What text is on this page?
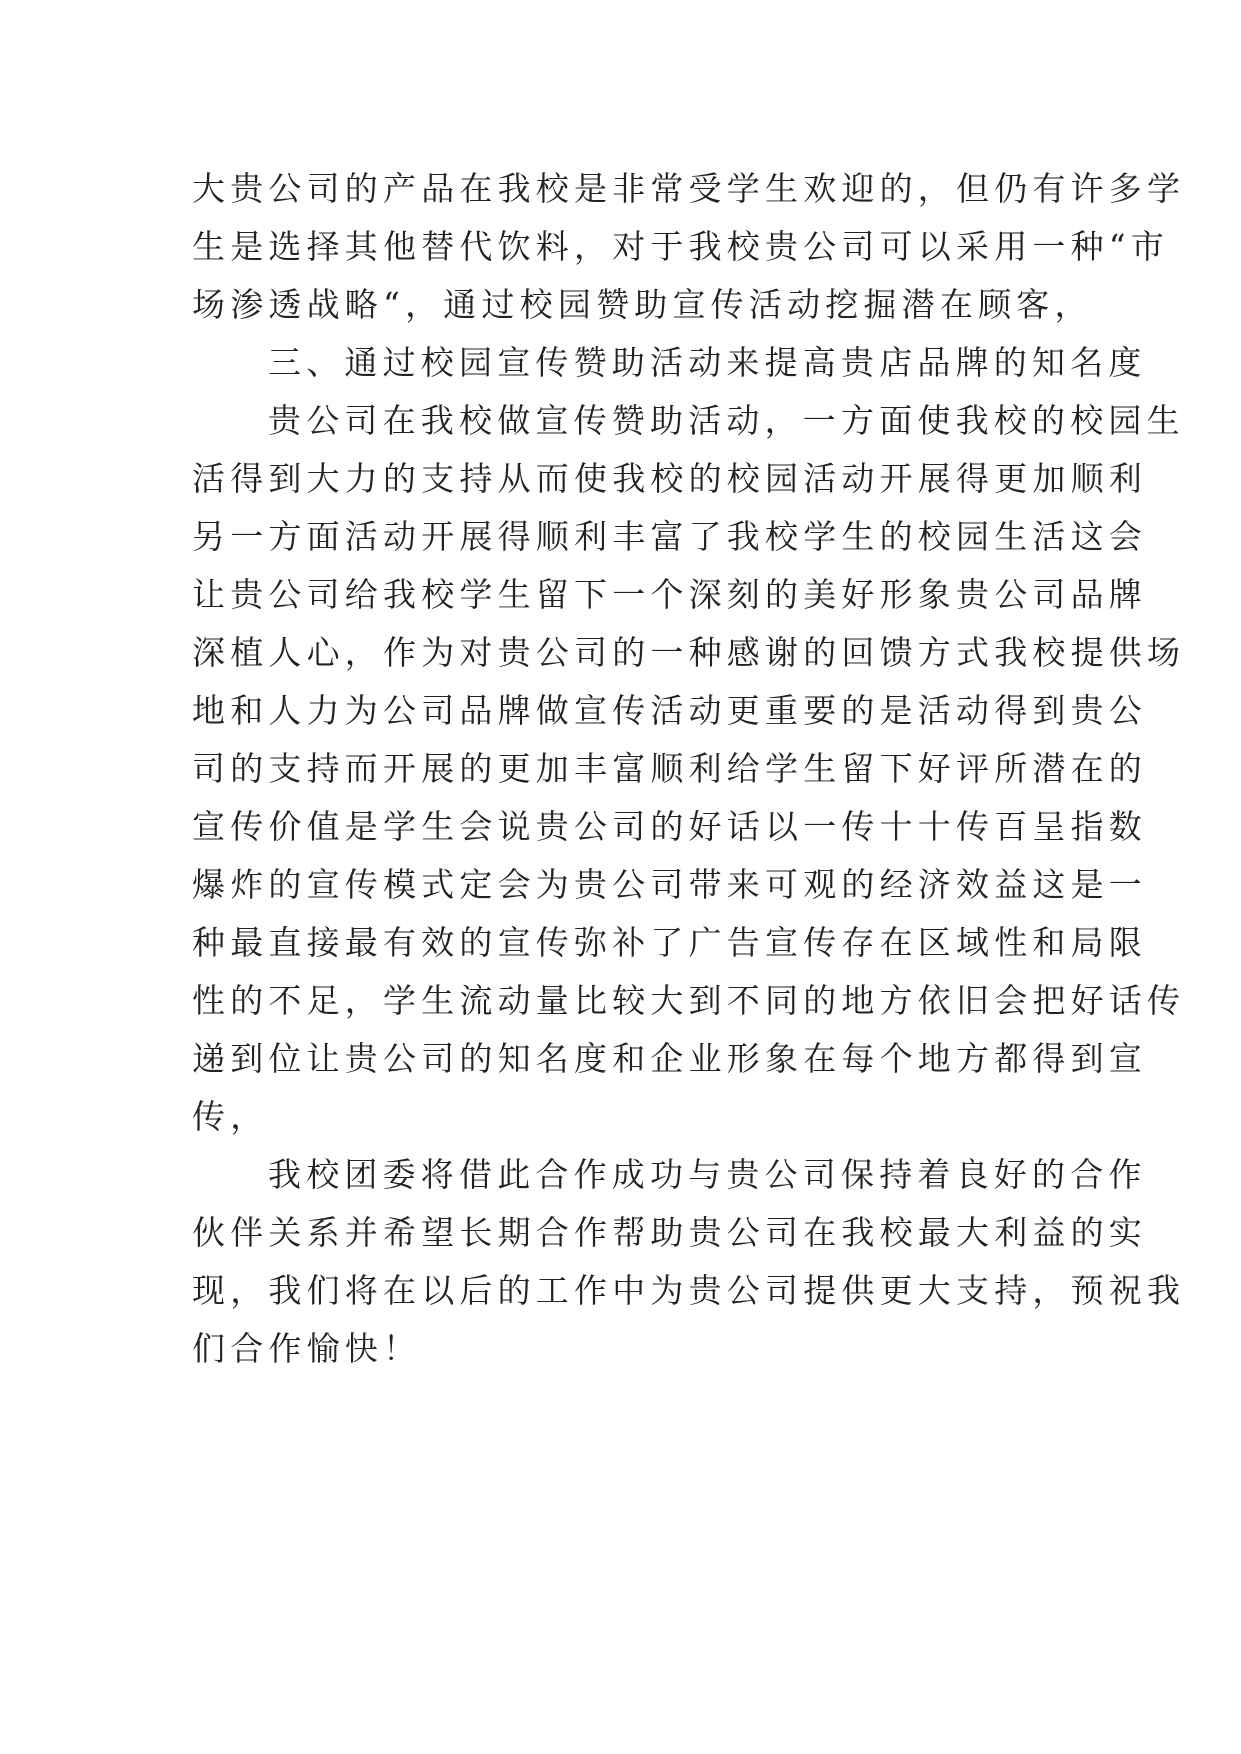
大贵公司的产品在我校是非常受学生欢迎的，但仍有许多学
生是选择其他替代饮料，对于我校贵公司可以采用一种“市
场渗透战略“，通过校园赞助宣传活动挖掘潜在顾客，
三、通过校园宣传赞助活动来提高贵店品牌的知名度
贵公司在我校做宣传赞助活动，一方面使我校的校园生
活得到大力的支持从而使我校的校园活动开展得更加顺利
另一方面活动开展得顺利丰富了我校学生的校园生活这会
让贵公司给我校学生留下一个深刻的美好形象贵公司品牌
深植人心，作为对贵公司的一种感谢的回馈方式我校提供场
地和人力为公司品牌做宣传活动更重要的是活动得到贵公
司的支持而开展的更加丰富顺利给学生留下好评所潜在的
宣传价值是学生会说贵公司的好话以一传十十传百呈指数
爆炸的宣传模式定会为贵公司带来可观的经济效益这是一
种最直接最有效的宣传弥补了广告宣传存在区域性和局限
性的不足，学生流动量比较大到不同的地方依旧会把好话传
递到位让贵公司的知名度和企业形象在每个地方都得到宣
传，
我校团委将借此合作成功与贵公司保持着良好的合作
伙伴关系并希望长期合作帮助贵公司在我校最大利益的实
现，我们将在以后的工作中为贵公司提供更大支持，预祝我
们合作愉快！
